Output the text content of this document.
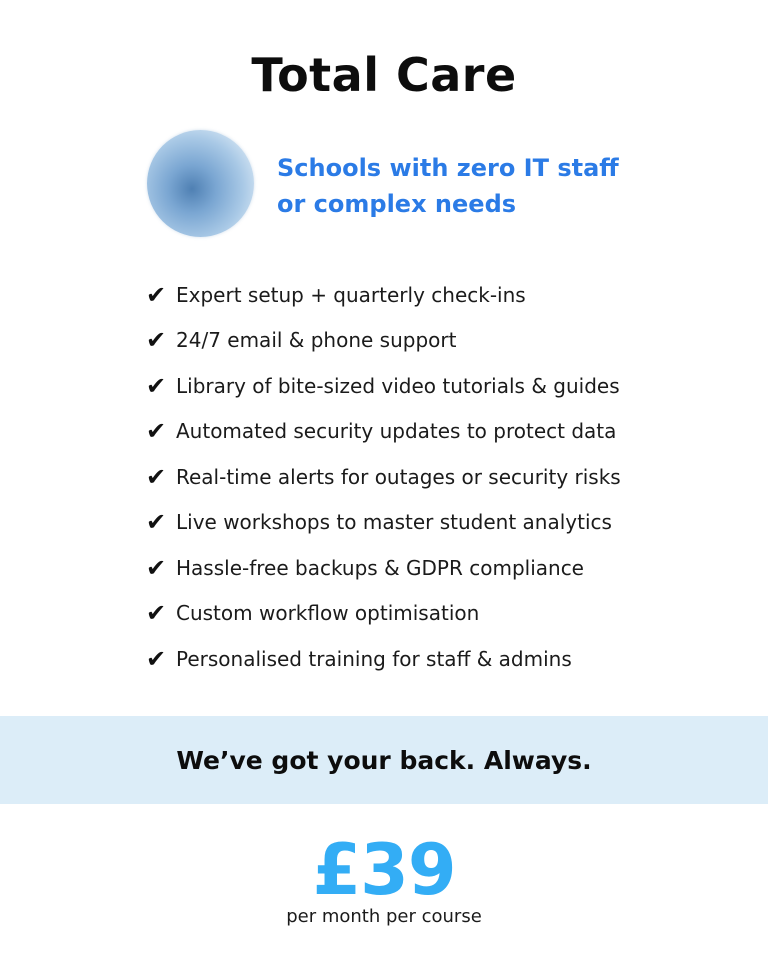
Total Care
Schools with zero IT staff
or complex needs
✔ Expert setup + quarterly check-ins
✔ 24/7 email & phone support
✔ Library of bite-sized video tutorials & guides
✔ Automated security updates to protect data
✔ Real-time alerts for outages or security risks
✔ Live workshops to master student analytics
✔ Hassle-free backups & GDPR compliance
✔ Custom workflow optimisation
✔ Personalised training for staff & admins
We’ve got your back. Always.
£39
per month per course
